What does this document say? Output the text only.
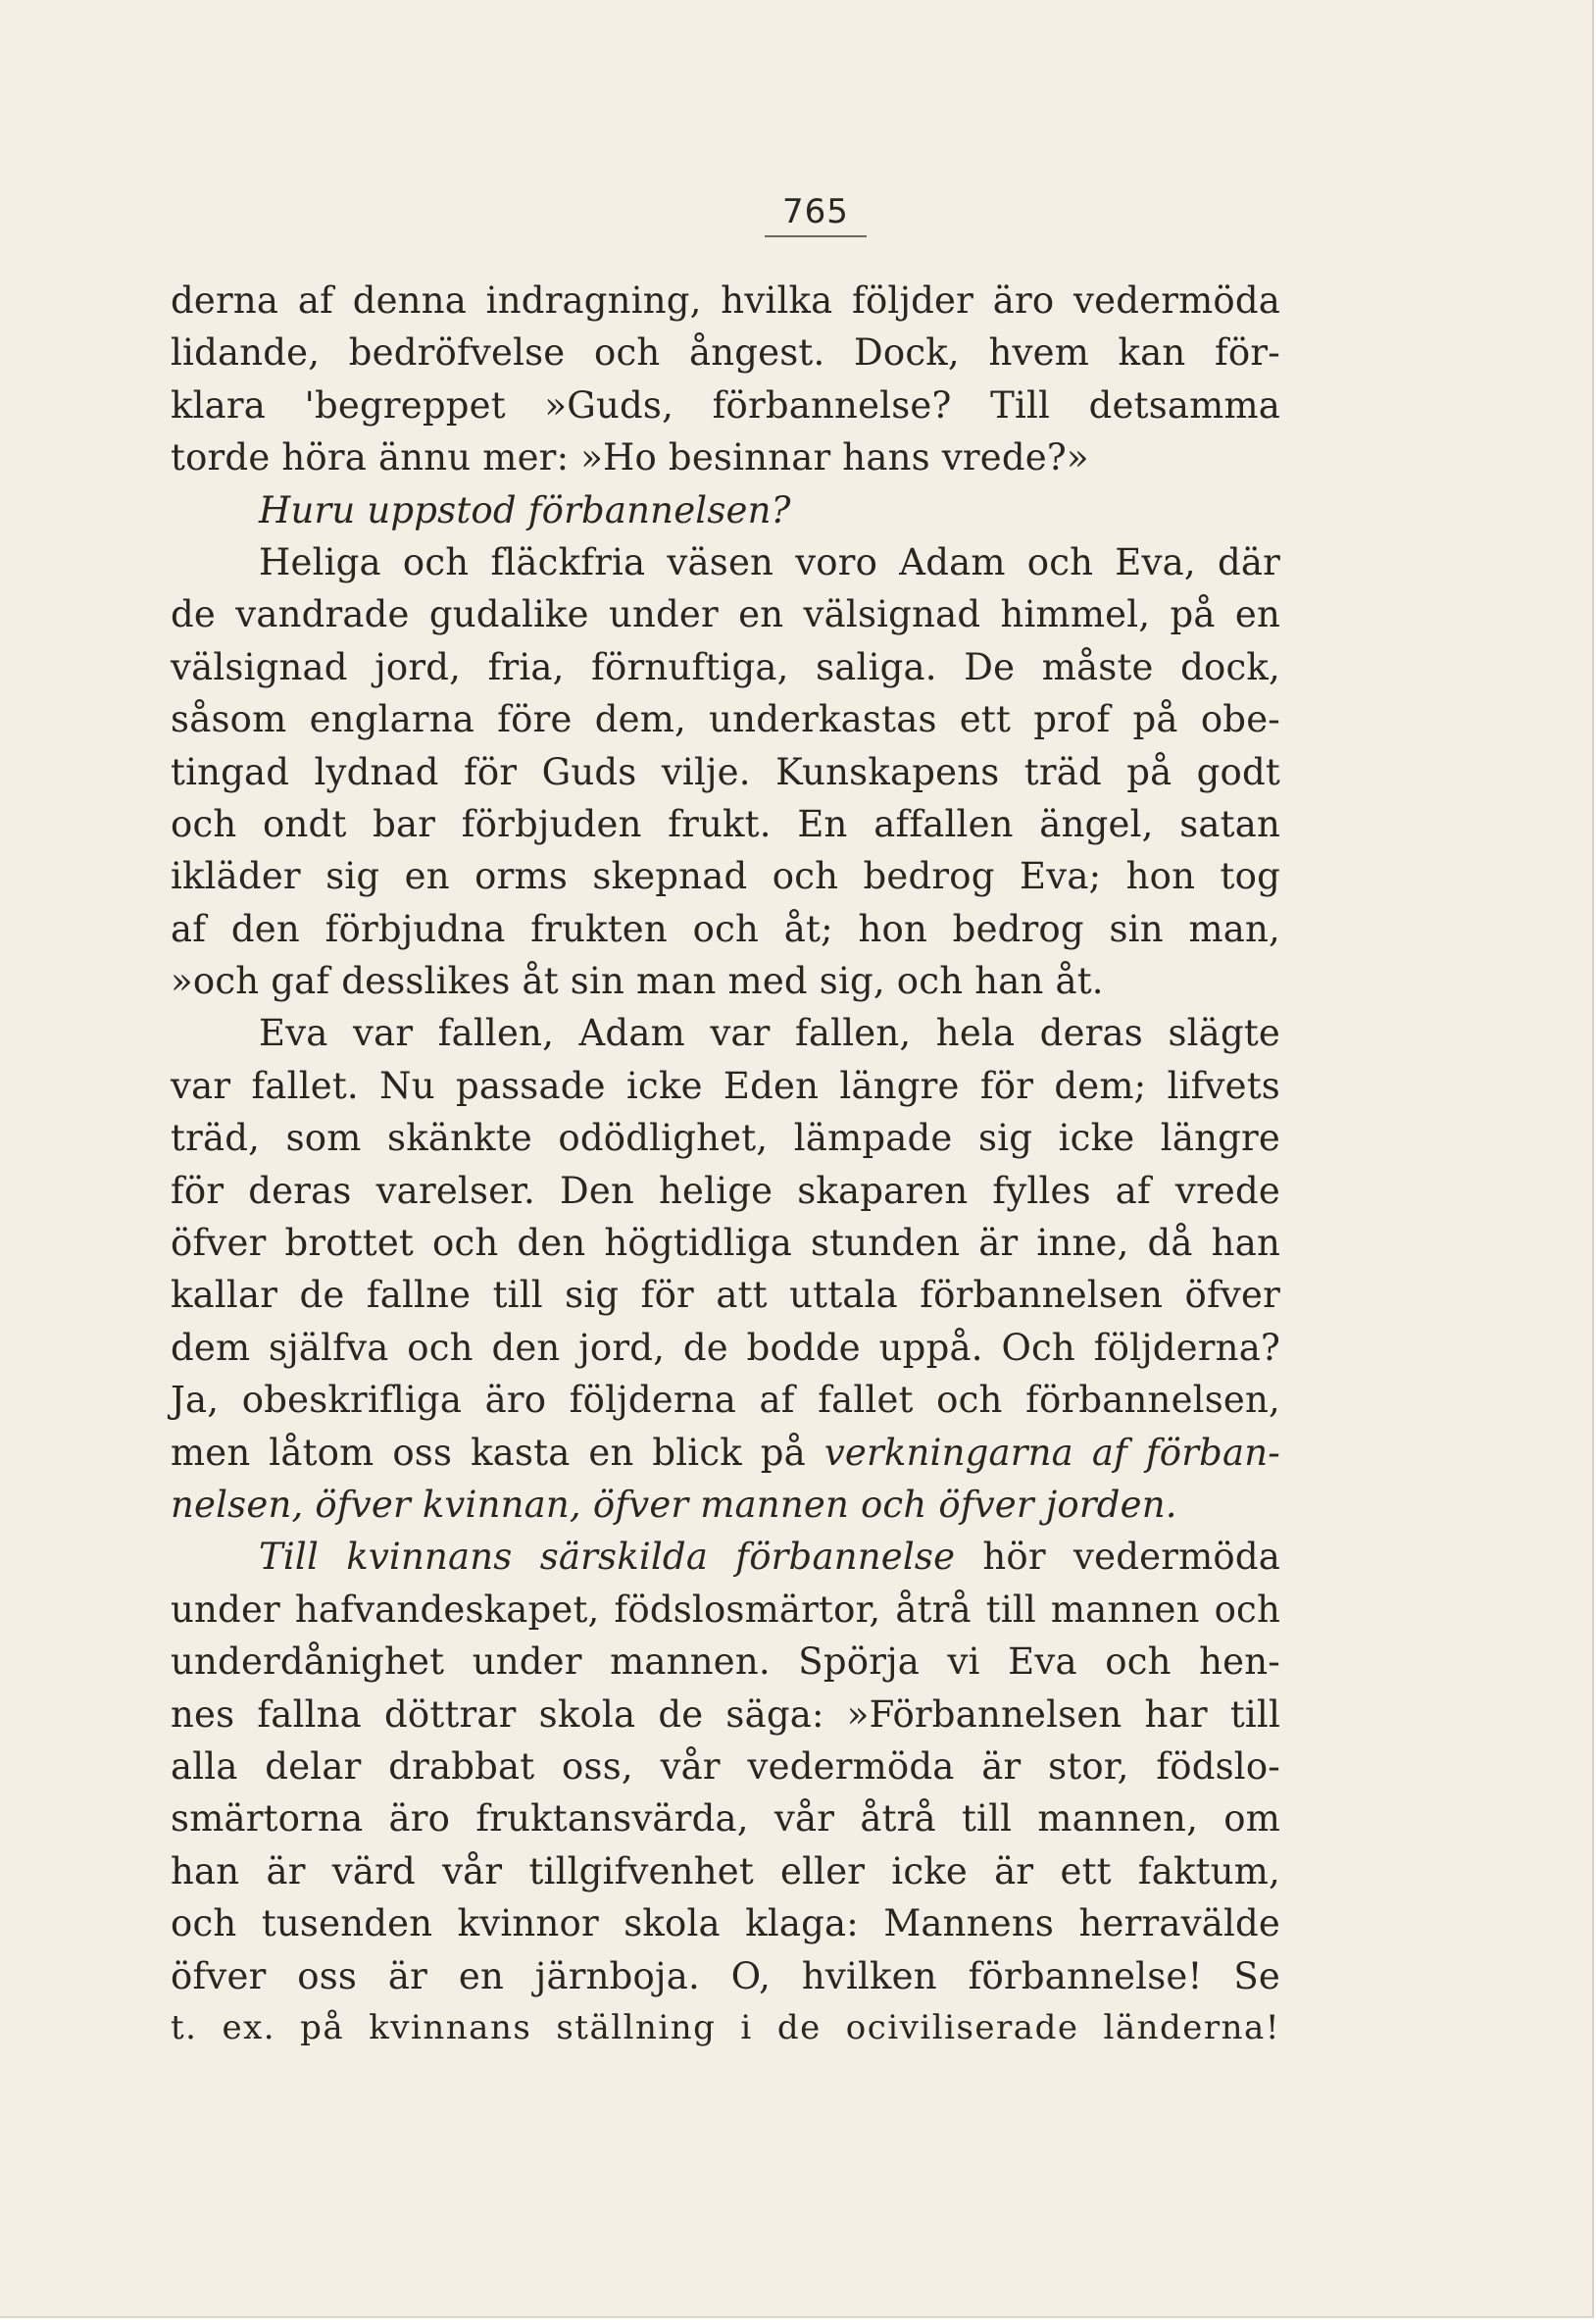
765
derna af denna indragning, hvilka följder äro vedermöda
lidande, bedröfvelse och ångest. Dock, hvem kan för-
klara 'begreppet »Guds, förbannelse? Till detsamma
torde höra ännu mer: »Ho besinnar hans vrede?»
Huru uppstod förbannelsen?
Heliga och fläckfria väsen voro Adam och Eva, där
de vandrade gudalike under en välsignad himmel, på en
välsignad jord, fria, förnuftiga, saliga. De måste dock,
såsom englarna före dem, underkastas ett prof på obe-
tingad lydnad för Guds vilje. Kunskapens träd på godt
och ondt bar förbjuden frukt. En affallen ängel, satan
ikläder sig en orms skepnad och bedrog Eva; hon tog
af den förbjudna frukten och åt; hon bedrog sin man,
»och gaf desslikes åt sin man med sig, och han åt.
Eva var fallen, Adam var fallen, hela deras slägte
var fallet. Nu passade icke Eden längre för dem; lifvets
träd, som skänkte odödlighet, lämpade sig icke längre
för deras varelser. Den helige skaparen fylles af vrede
öfver brottet och den högtidliga stunden är inne, då han
kallar de fallne till sig för att uttala förbannelsen öfver
dem själfva och den jord, de bodde uppå. Och följderna?
Ja, obeskrifliga äro följderna af fallet och förbannelsen,
men låtom oss kasta en blick på verkningarna af förban-
nelsen, öfver kvinnan, öfver mannen och öfver jorden.
Till kvinnans särskilda förbannelse hör vedermöda
under hafvandeskapet, födslosmärtor, åtrå till mannen och
underdånighet under mannen. Spörja vi Eva och hen-
nes fallna döttrar skola de säga: »Förbannelsen har till
alla delar drabbat oss, vår vedermöda är stor, födslo-
smärtorna äro fruktansvärda, vår åtrå till mannen, om
han är värd vår tillgifvenhet eller icke är ett faktum,
och tusenden kvinnor skola klaga: Mannens herravälde
öfver oss är en järnboja. O, hvilken förbannelse! Se
t. ex. på kvinnans ställning i de ociviliserade länderna!
